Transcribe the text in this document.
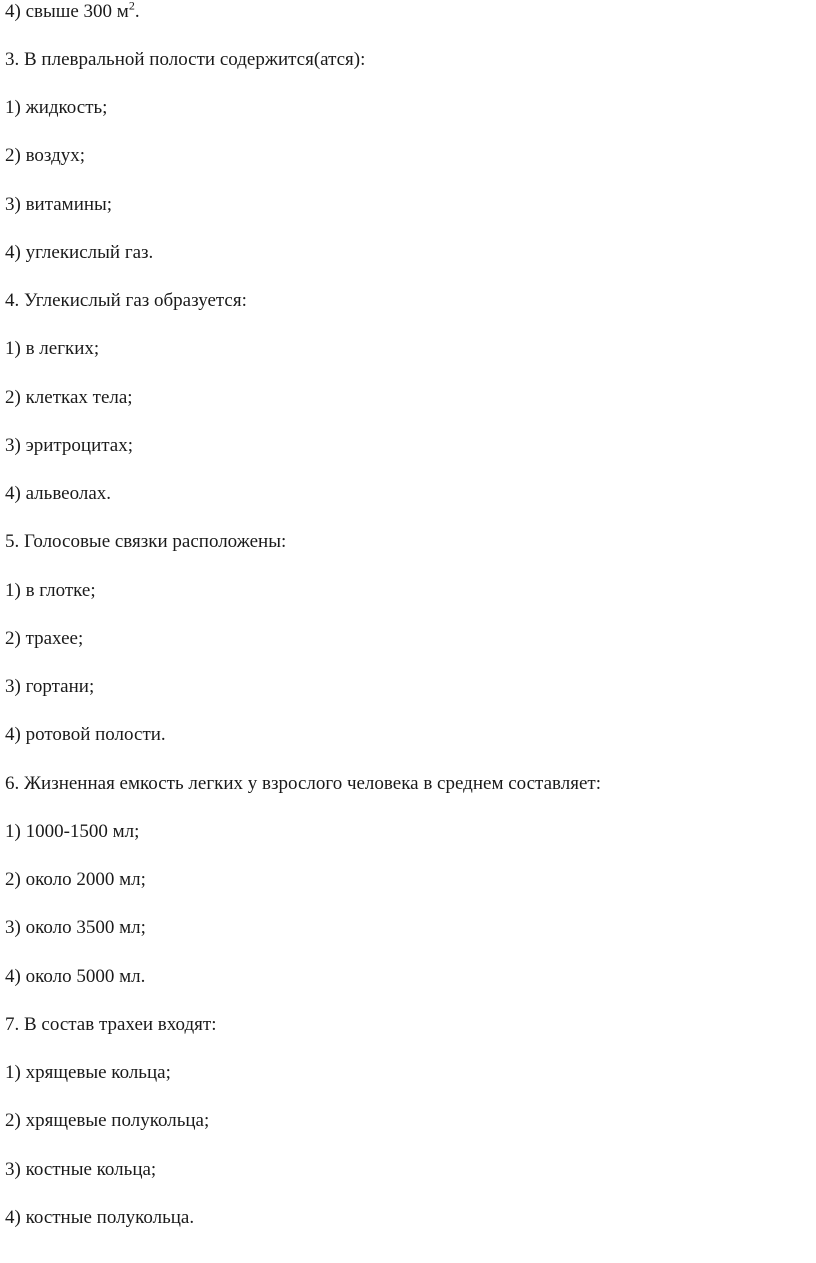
4) свыше 300 $м^2$.

3. В плевральной полости содержится(атся):

1) жидкость;

2) воздух;

3) витамины;

4) углекислый газ.

4. Углекислый газ образуется:

1) в легких;

2) клетках тела;

3) эритроцитах;

4) альвеолах.

5. Голосовые связки расположены:

1) в глотке;

2) трахее;

3) гортани;

4) ротовой полости.

6. Жизненная емкость легких у взрослого человека в среднем составляет:

1) 1000-1500 мл;

2) около 2000 мл;

3) около 3500 мл;

4) около 5000 мл.

7. В состав трахеи входят:

1) хрящевые кольца;

2) хрящевые полукольца;

3) костные кольца;

4) костные полукольца.
